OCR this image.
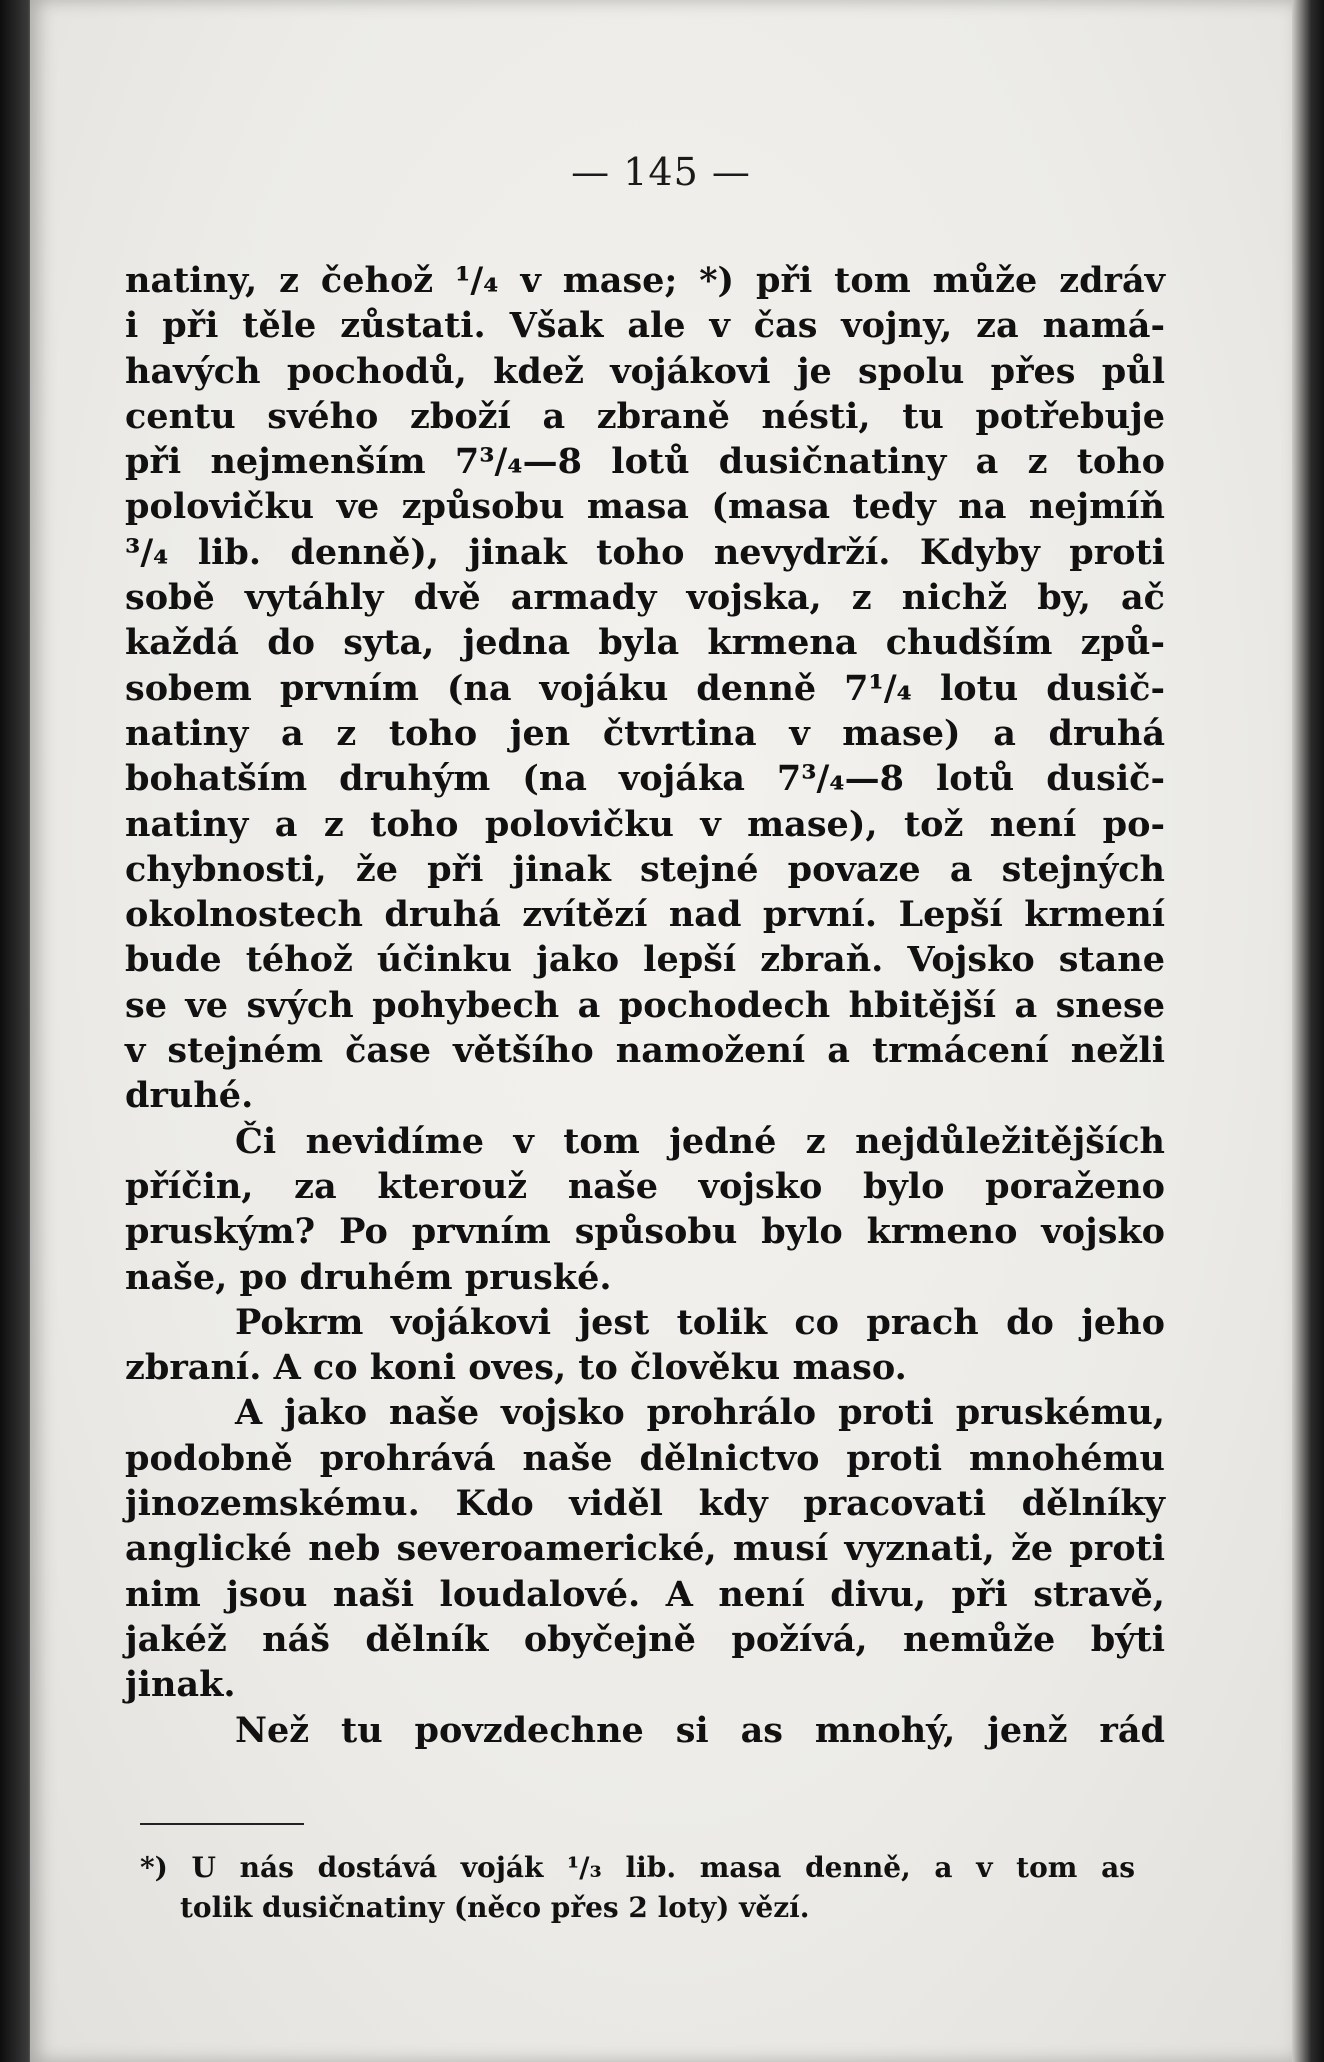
— 145 —
natiny, z čehož ¹/₄ v mase; *) při tom může zdráv
i při těle zůstati. Však ale v čas vojny, za namá-
havých pochodů, kdež vojákovi je spolu přes půl
centu svého zboží a zbraně nésti, tu potřebuje
při nejmenším 7³/₄—8 lotů dusičnatiny a z toho
polovičku ve způsobu masa (masa tedy na nejmíň
³/₄ lib. denně), jinak toho nevydrží. Kdyby proti
sobě vytáhly dvě armady vojska, z nichž by, ač
každá do syta, jedna byla krmena chudším způ-
sobem prvním (na vojáku denně 7¹/₄ lotu dusič-
natiny a z toho jen čtvrtina v mase) a druhá
bohatším druhým (na vojáka 7³/₄—8 lotů dusič-
natiny a z toho polovičku v mase), tož není po-
chybnosti, že při jinak stejné povaze a stejných
okolnostech druhá zvítězí nad první. Lepší krmení
bude téhož účinku jako lepší zbraň. Vojsko stane
se ve svých pohybech a pochodech hbitější a snese
v stejném čase většího namožení a trmácení nežli
druhé.
Či nevidíme v tom jedné z nejdůležitějších
příčin, za kterouž naše vojsko bylo poraženo
pruským? Po prvním spůsobu bylo krmeno vojsko
naše, po druhém pruské.
Pokrm vojákovi jest tolik co prach do jeho
zbraní. A co koni oves, to člověku maso.
A jako naše vojsko prohrálo proti pruskému,
podobně prohrává naše dělnictvo proti mnohému
jinozemskému. Kdo viděl kdy pracovati dělníky
anglické neb severoamerické, musí vyznati, že proti
nim jsou naši loudalové. A není divu, při stravě,
jakéž náš dělník obyčejně požívá, nemůže býti
jinak.
Než tu povzdechne si as mnohý, jenž rád
*) U nás dostává voják ¹/₃ lib. masa denně, a v tom as
tolik dusičnatiny (něco přes 2 loty) vězí.
